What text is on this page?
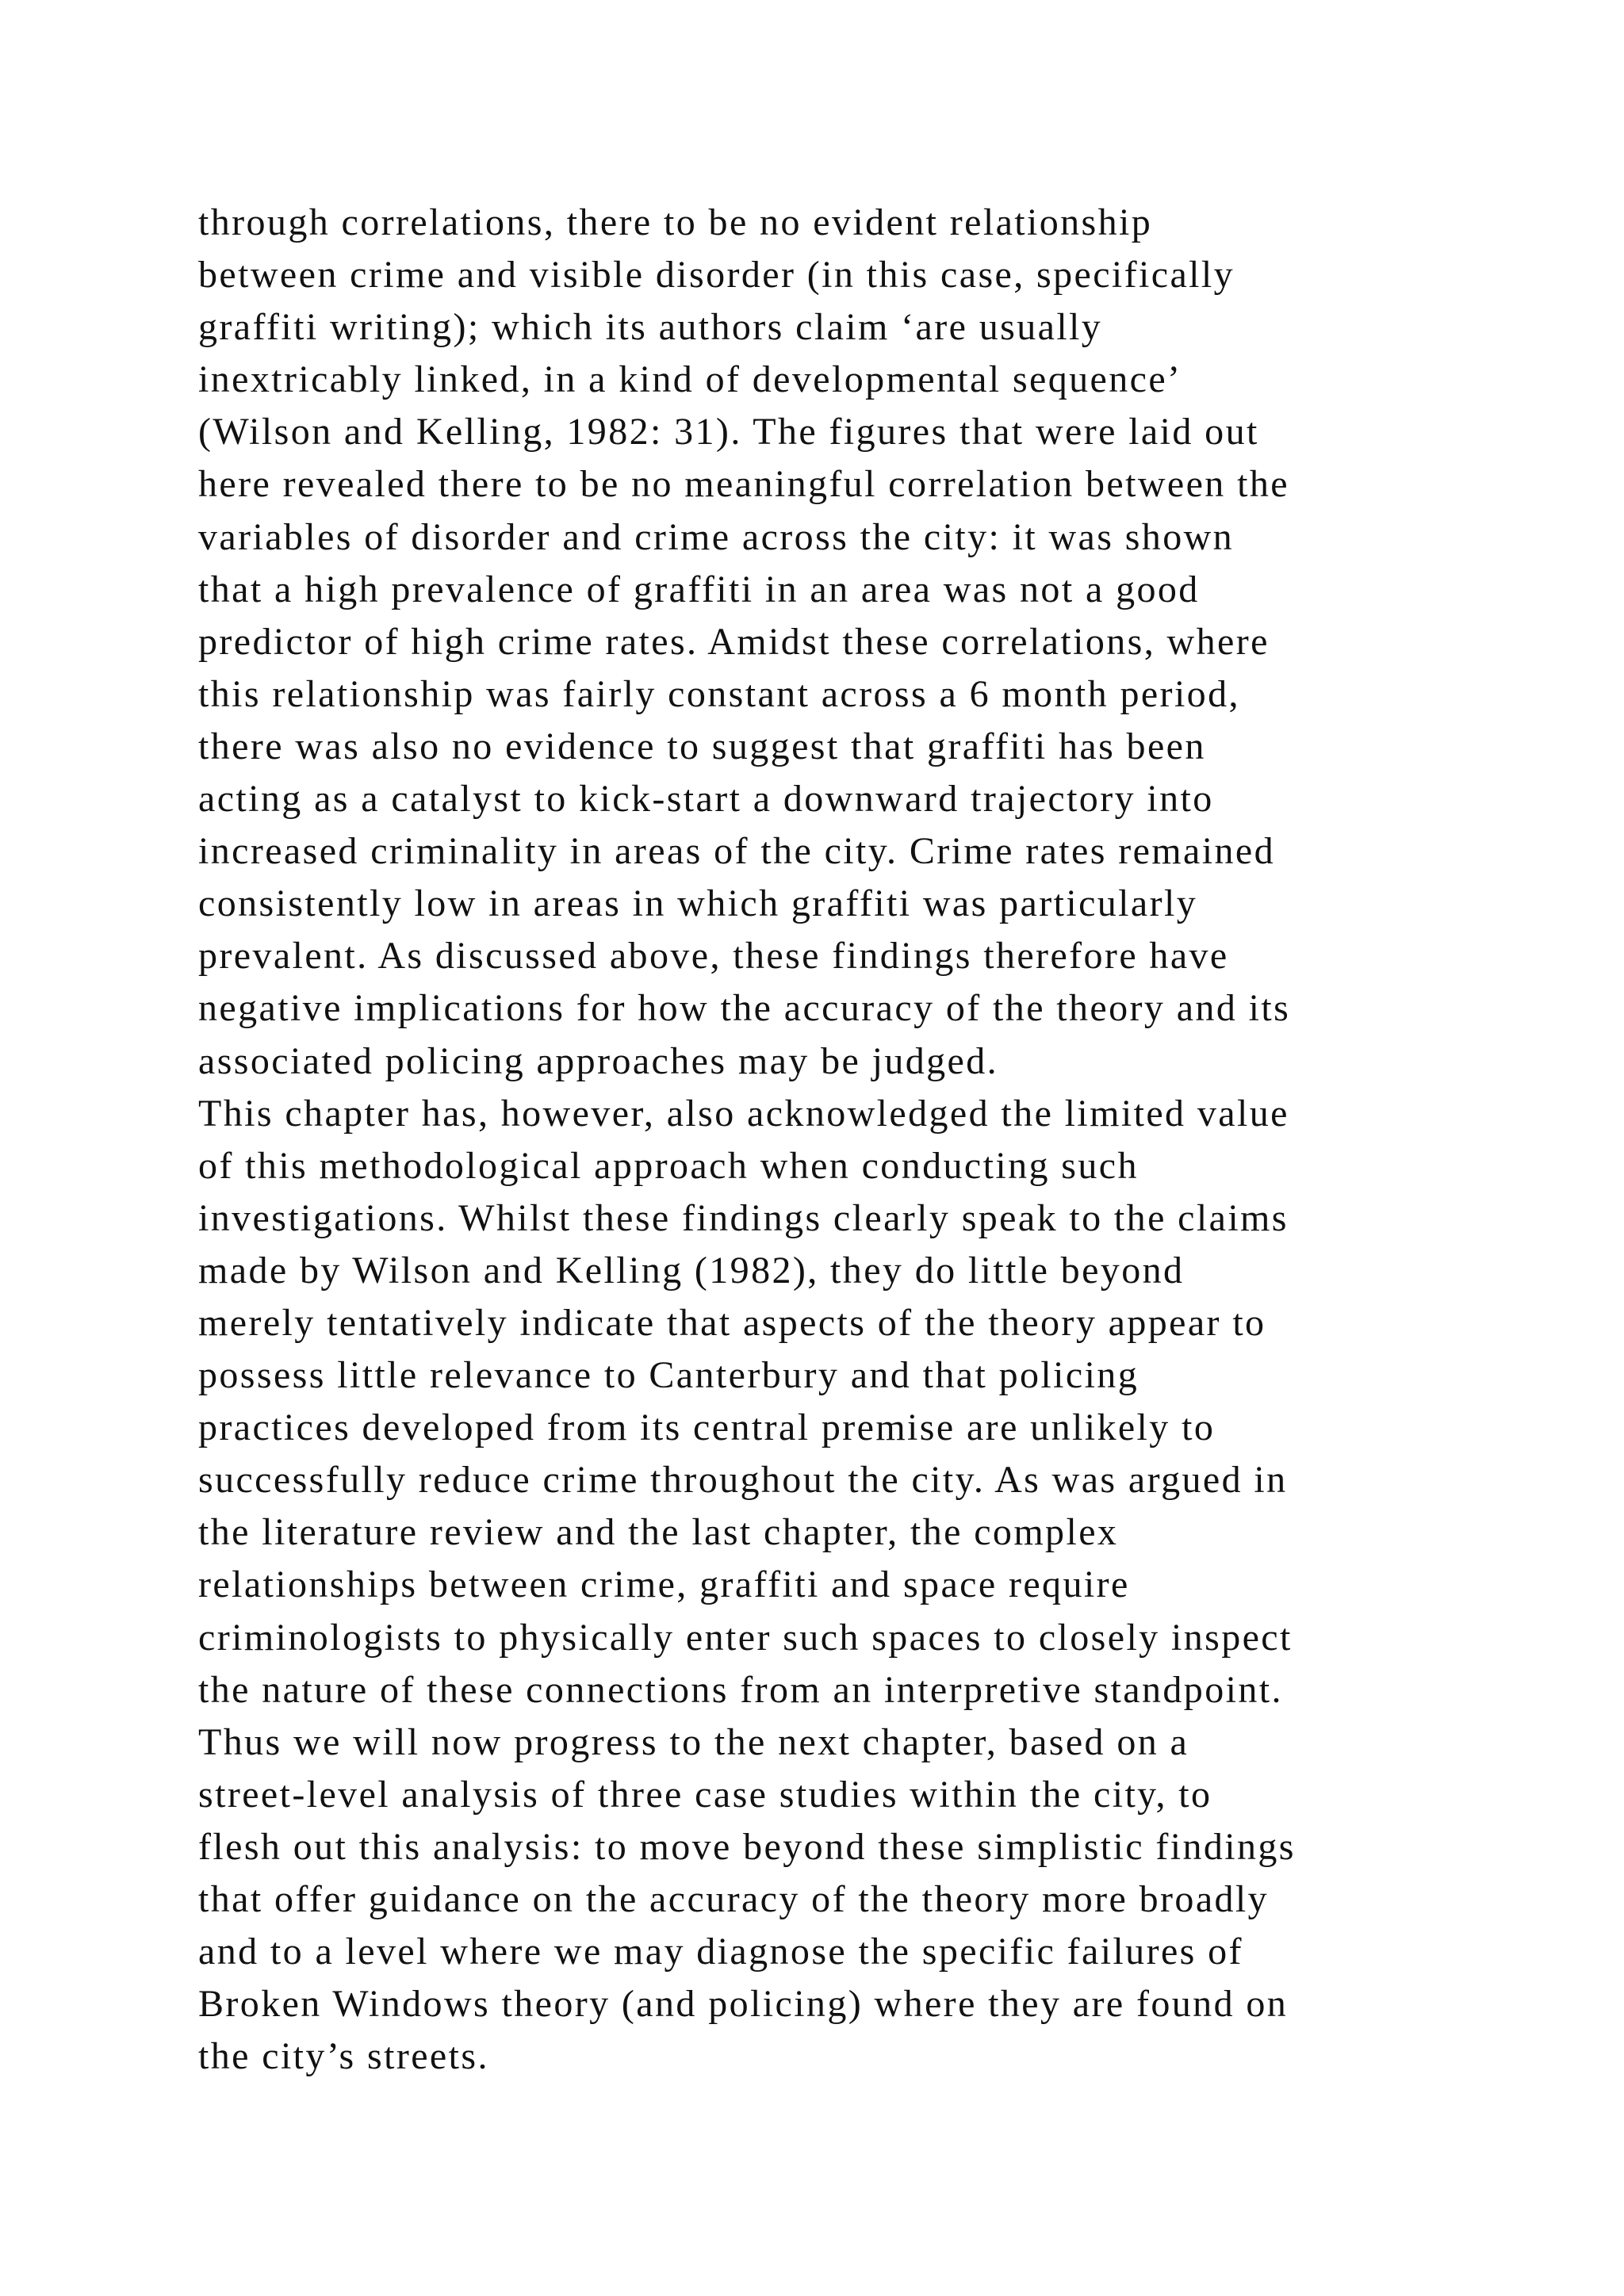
through correlations, there to be no evident relationship
between crime and visible disorder (in this case, specifically
graffiti writing); which its authors claim ‘are usually
inextricably linked, in a kind of developmental sequence’
(Wilson and Kelling, 1982: 31). The figures that were laid out
here revealed there to be no meaningful correlation between the
variables of disorder and crime across the city: it was shown
that a high prevalence of graffiti in an area was not a good
predictor of high crime rates. Amidst these correlations, where
this relationship was fairly constant across a 6 month period,
there was also no evidence to suggest that graffiti has been
acting as a catalyst to kick-start a downward trajectory into
increased criminality in areas of the city. Crime rates remained
consistently low in areas in which graffiti was particularly
prevalent. As discussed above, these findings therefore have
negative implications for how the accuracy of the theory and its
associated policing approaches may be judged.
This chapter has, however, also acknowledged the limited value
of this methodological approach when conducting such
investigations. Whilst these findings clearly speak to the claims
made by Wilson and Kelling (1982), they do little beyond
merely tentatively indicate that aspects of the theory appear to
possess little relevance to Canterbury and that policing
practices developed from its central premise are unlikely to
successfully reduce crime throughout the city. As was argued in
the literature review and the last chapter, the complex
relationships between crime, graffiti and space require
criminologists to physically enter such spaces to closely inspect
the nature of these connections from an interpretive standpoint.
Thus we will now progress to the next chapter, based on a
street-level analysis of three case studies within the city, to
flesh out this analysis: to move beyond these simplistic findings
that offer guidance on the accuracy of the theory more broadly
and to a level where we may diagnose the specific failures of
Broken Windows theory (and policing) where they are found on
the city’s streets.
